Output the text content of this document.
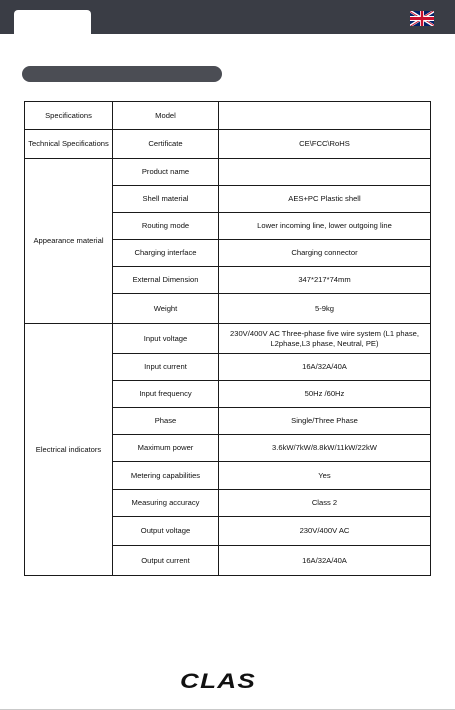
Specifications	Model	
Technical Specifications	Certificate	CE\FCC\RoHS
Appearance material	Product name	
	Shell material	AES+PC Plastic shell
	Routing mode	Lower incoming line, lower outgoing line
	Charging interface	Charging connector
	External Dimension	347*217*74mm
	Weight	5-9kg
Electrical indicators	Input voltage	230V/400V AC Three-phase five wire system (L1 phase, L2phase,L3 phase, Neutral, PE)
	Input current	16A/32A/40A
	Input frequency	50Hz /60Hz
	Phase	Single/Three Phase
	Maximum power	3.6kW/7kW/8.8kW/11kW/22kW
	Metering capabilities	Yes
	Measuring accuracy	Class 2
	Output voltage	230V/400V AC
	Output current	16A/32A/40A
CLAS
